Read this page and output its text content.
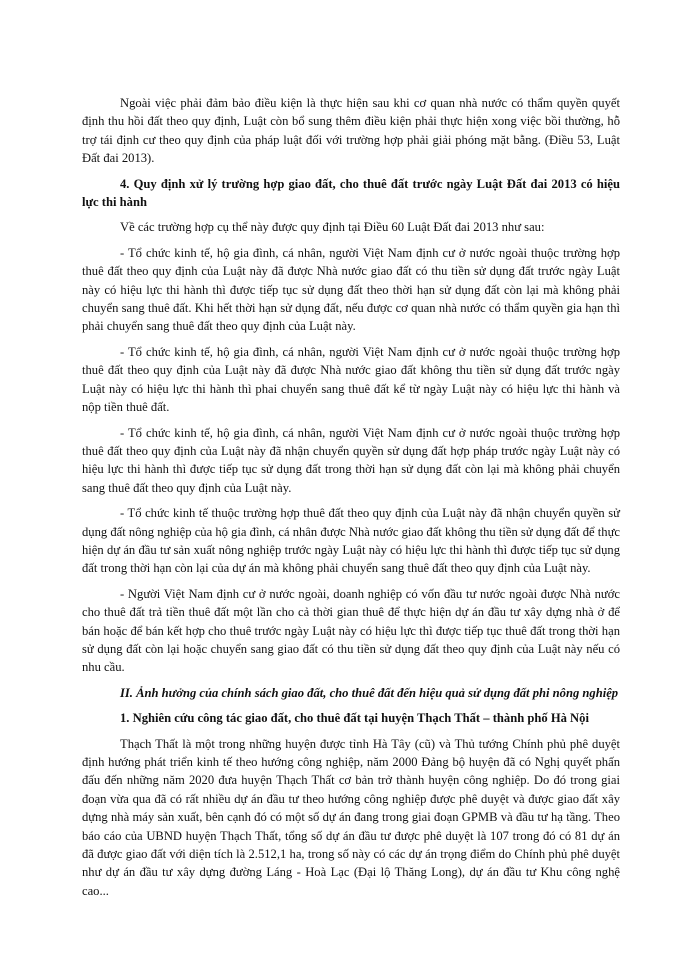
Ngoài việc phải đảm bảo điều kiện là thực hiện sau khi cơ quan nhà nước có thẩm quyền quyết định thu hồi đất theo quy định, Luật còn bổ sung thêm điều kiện phải thực hiện xong việc bồi thường, hỗ trợ tái định cư theo quy định của pháp luật đối với trường hợp phải giải phóng mặt bằng. (Điều 53, Luật Đất đai 2013).

4. Quy định xử lý trường hợp giao đất, cho thuê đất trước ngày Luật Đất đai 2013 có hiệu lực thi hành

Về các trường hợp cụ thể này được quy định tại Điều 60 Luật Đất đai 2013 như sau:

- Tổ chức kinh tế, hộ gia đình, cá nhân, người Việt Nam định cư ở nước ngoài thuộc trường hợp thuê đất theo quy định của Luật này đã được Nhà nước giao đất có thu tiền sử dụng đất trước ngày Luật này có hiệu lực thi hành thì được tiếp tục sử dụng đất theo thời hạn sử dụng đất còn lại mà không phải chuyển sang thuê đất. Khi hết thời hạn sử dụng đất, nếu được cơ quan nhà nước có thẩm quyền gia hạn thì phải chuyển sang thuê đất theo quy định của Luật này.

- Tổ chức kinh tế, hộ gia đình, cá nhân, người Việt Nam định cư ở nước ngoài thuộc trường hợp thuê đất theo quy định của Luật này đã được Nhà nước giao đất không thu tiền sử dụng đất trước ngày Luật này có hiệu lực thi hành thì phai chuyển sang thuê đất kể từ ngày Luật này có hiệu lực thi hành và nộp tiền thuê đất.

- Tổ chức kinh tế, hộ gia đình, cá nhân, người Việt Nam định cư ở nước ngoài thuộc trường hợp thuê đất theo quy định của Luật này đã nhận chuyển quyền sử dụng đất hợp pháp trước ngày Luật này có hiệu lực thi hành thì được tiếp tục sử dụng đất trong thời hạn sử dụng đất còn lại mà không phải chuyển sang thuê đất theo quy định của Luật này.

- Tổ chức kinh tế thuộc trường hợp thuê đất theo quy định của Luật này đã nhận chuyển quyền sử dụng đất nông nghiệp của hộ gia đình, cá nhân được Nhà nước giao đất không thu tiền sử dụng đất để thực hiện dự án đầu tư sản xuất nông nghiệp trước ngày Luật này có hiệu lực thi hành thì được tiếp tục sử dụng đất trong thời hạn còn lại của dự án mà không phải chuyển sang thuê đất theo quy định của Luật này.

- Người Việt Nam định cư ở nước ngoài, doanh nghiệp có vốn đầu tư nước ngoài được Nhà nước cho thuê đất trả tiền thuê đất một lần cho cả thời gian thuê để thực hiện dự án đầu tư xây dựng nhà ở để bán hoặc để bán kết hợp cho thuê trước ngày Luật này có hiệu lực thì được tiếp tục thuê đất trong thời hạn sử dụng đất còn lại hoặc chuyển sang giao đất có thu tiền sử dụng đất theo quy định của Luật này nếu có nhu cầu.

II. Ảnh hưởng của chính sách giao đất, cho thuê đất đến hiệu quả sử dụng đất phi nông nghiệp

1. Nghiên cứu công tác giao đất, cho thuê đất tại huyện Thạch Thất – thành phố Hà Nội

Thạch Thất là một trong những huyện được tỉnh Hà Tây (cũ) và Thủ tướng Chính phủ phê duyệt định hướng phát triển kinh tế theo hướng công nghiệp, năm 2000 Đảng bộ huyện đã có Nghị quyết phấn đấu đến những năm 2020 đưa huyện Thạch Thất cơ bản trở thành huyện công nghiệp. Do đó trong giai đoạn vừa qua đã có rất nhiều dự án đầu tư theo hướng công nghiệp được phê duyệt và được giao đất xây dựng nhà máy sản xuất, bên cạnh đó có một số dự án đang trong giai đoạn GPMB và đầu tư hạ tầng. Theo báo cáo của UBND huyện Thạch Thất, tổng số dự án đầu tư được phê duyệt là 107 trong đó có 81 dự án đã được giao đất với diện tích là 2.512,1 ha, trong số này có các dự án trọng điểm do Chính phủ phê duyệt như dự án đầu tư xây dựng đường Láng - Hoà Lạc (Đại lộ Thăng Long), dự án đầu tư Khu công nghệ cao...
